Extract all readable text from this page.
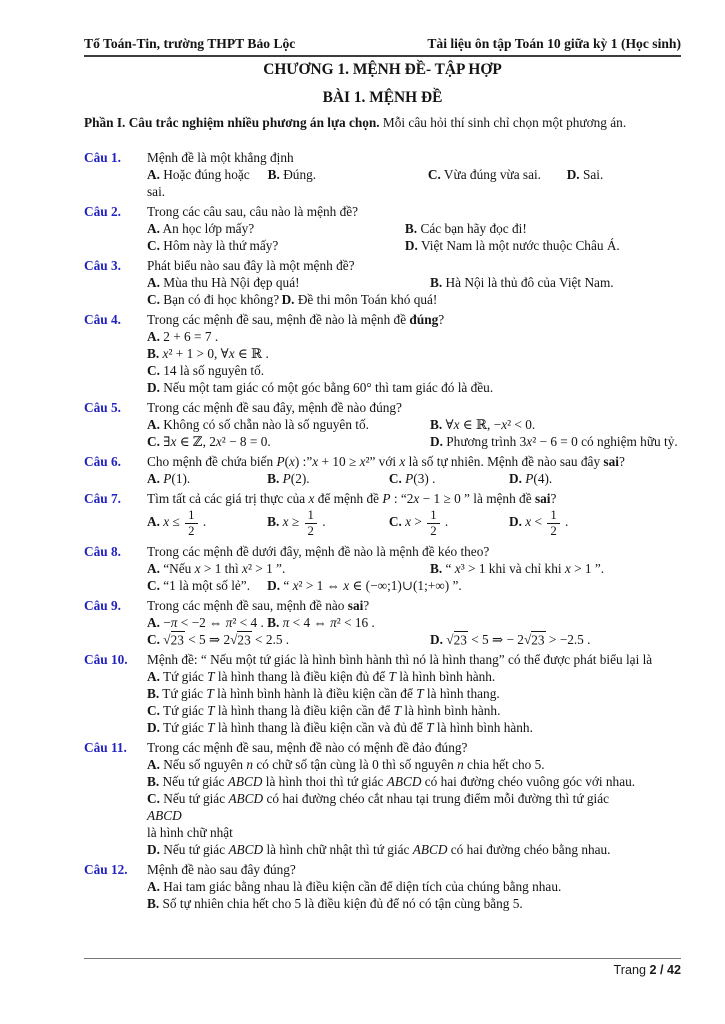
Tổ Toán-Tin, trường THPT Bảo Lộc	Tài liệu ôn tập Toán 10 giữa kỳ 1 (Học sinh)
CHƯƠNG 1. MỆNH ĐỀ- TẬP HỢP
BÀI 1. MỆNH ĐỀ
Phần I. Câu trắc nghiệm nhiều phương án lựa chọn. Mỗi câu hỏi thí sinh chỉ chọn một phương án.
Câu 1.	Mệnh đề là một khẳng định
A. Hoặc đúng hoặc sai.
B. Đúng.	C. Vừa đúng vừa sai.	D. Sai.
Câu 2.	Trong các câu sau, câu nào là mệnh đề?
A. An học lớp mấy?	B. Các bạn hãy đọc đi!
C. Hôm này là thứ mấy?	D. Việt Nam là một nước thuộc Châu Á.
Câu 3.	Phát biểu nào sau đây là một mệnh đề?
A. Mùa thu Hà Nội đẹp quá!	B. Hà Nội là thủ đô của Việt Nam.
C. Bạn có đi học không? D. Đề thi môn Toán khó quá!
Câu 4.	Trong các mệnh đề sau, mệnh đề nào là mệnh đề đúng?
A. 2 + 6 = 7 .
B. x² + 1 > 0, ∀x ∈ ℝ .
C. 14 là số nguyên tố.
D. Nếu một tam giác có một góc bằng 60° thì tam giác đó là đều.
Câu 5.	Trong các mệnh đề sau đây, mệnh đề nào đúng?
A. Không có số chẵn nào là số nguyên tố.	B. ∀x ∈ ℝ, −x² < 0.
C. ∃x ∈ ℤ, 2x² − 8 = 0.	D. Phương trình 3x² − 6 = 0 có nghiệm hữu tỷ.
Câu 6.	Cho mệnh đề chứa biến P(x) :”x + 10 ≥ x²” với x là số tự nhiên. Mệnh đề nào sau đây sai?
A. P(1).	B. P(2).	C. P(3) .	D. P(4).
Câu 7.	Tìm tất cả các giá trị thực của x để mệnh đề P : “2x − 1 ≥ 0 ” là mệnh đề sai?
A. $x \le \frac{1}{2}$ .	B. $x \ge \frac{1}{2}$ .	C. $x > \frac{1}{2}$ .	D. $x < \frac{1}{2}$ .
Câu 8.	Trong các mệnh đề dưới đây, mệnh đề nào là mệnh đề kéo theo?
A. “Nếu x > 1 thì x² > 1 ”.	B. “ x³ > 1 khi và chỉ khi x > 1 ”.
C. “1 là một số lẻ”.	D. “ x² > 1 ⇔ x ∈ (−∞;1)∪(1;+∞) ”.
Câu 9.	Trong các mệnh đề sau, mệnh đề nào sai?
A. −π < −2 ⇔ π² < 4 . B. π < 4 ⇔ π² < 16 .
C. √23 < 5 ⇒ 2√23 < 2.5 .	D. √23 < 5 ⇒ − 2√23 > −2.5 .
Câu 10.	Mệnh đề: “ Nếu một tứ giác là hình bình hành thì nó là hình thang” có thể được phát biểu lại là
A. Tứ giác T là hình thang là điều kiện đủ để T là hình bình hành.
B. Tứ giác T là hình bình hành là điều kiện cần để T là hình thang.
C. Tứ giác T là hình thang là điều kiện cần để T là hình bình hành.
D. Tứ giác T là hình thang là điều kiện cần và đủ để T là hình bình hành.
Câu 11.	Trong các mệnh đề sau, mệnh đề nào có mệnh đề đảo đúng?
A. Nếu số nguyên n có chữ số tận cùng là 0 thì số nguyên n chia hết cho 5.
B. Nếu tứ giác ABCD là hình thoi thì tứ giác ABCD có hai đường chéo vuông góc với nhau.
C. Nếu tứ giác ABCD có hai đường chéo cắt nhau tại trung điểm mỗi đường thì tứ giác
ABCD
là hình chữ nhật
D. Nếu tứ giác ABCD là hình chữ nhật thì tứ giác ABCD có hai đường chéo bằng nhau.
Câu 12.	Mệnh đề nào sau đây đúng?
A. Hai tam giác bằng nhau là điều kiện cần để diện tích của chúng bằng nhau.
B. Số tự nhiên chia hết cho 5 là điều kiện đủ để nó có tận cùng bằng 5.
Trang 2 / 42
